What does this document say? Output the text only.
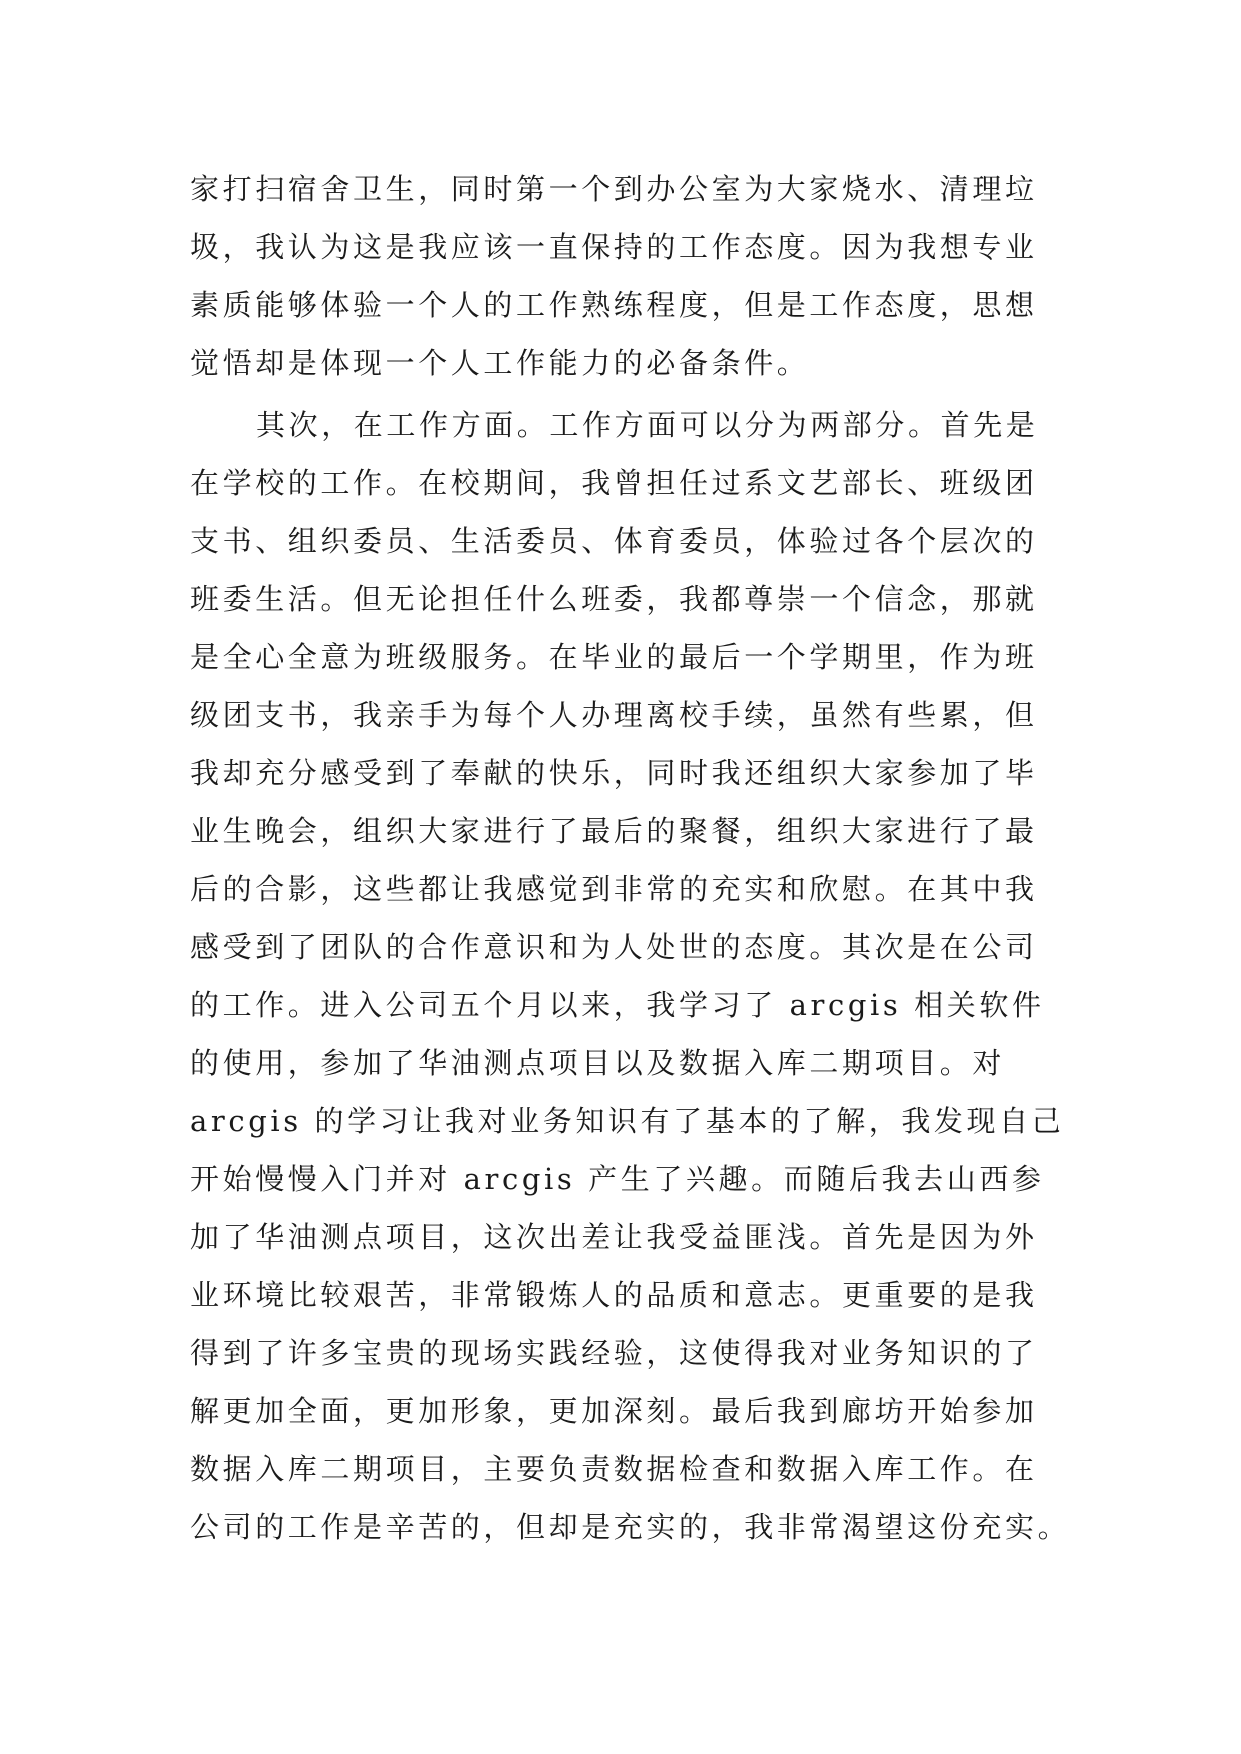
家打扫宿舍卫生，同时第一个到办公室为大家烧水、清理垃
圾，我认为这是我应该一直保持的工作态度。因为我想专业
素质能够体验一个人的工作熟练程度，但是工作态度，思想
觉悟却是体现一个人工作能力的必备条件。
其次，在工作方面。工作方面可以分为两部分。首先是
在学校的工作。在校期间，我曾担任过系文艺部长、班级团
支书、组织委员、生活委员、体育委员，体验过各个层次的
班委生活。但无论担任什么班委，我都尊崇一个信念，那就
是全心全意为班级服务。在毕业的最后一个学期里，作为班
级团支书，我亲手为每个人办理离校手续，虽然有些累，但
我却充分感受到了奉献的快乐，同时我还组织大家参加了毕
业生晚会，组织大家进行了最后的聚餐，组织大家进行了最
后的合影，这些都让我感觉到非常的充实和欣慰。在其中我
感受到了团队的合作意识和为人处世的态度。其次是在公司
的工作。进入公司五个月以来，我学习了 arcgis 相关软件
的使用，参加了华油测点项目以及数据入库二期项目。对
arcgis 的学习让我对业务知识有了基本的了解，我发现自己
开始慢慢入门并对 arcgis 产生了兴趣。而随后我去山西参
加了华油测点项目，这次出差让我受益匪浅。首先是因为外
业环境比较艰苦，非常锻炼人的品质和意志。更重要的是我
得到了许多宝贵的现场实践经验，这使得我对业务知识的了
解更加全面，更加形象，更加深刻。最后我到廊坊开始参加
数据入库二期项目，主要负责数据检查和数据入库工作。在
公司的工作是辛苦的，但却是充实的，我非常渴望这份充实。
